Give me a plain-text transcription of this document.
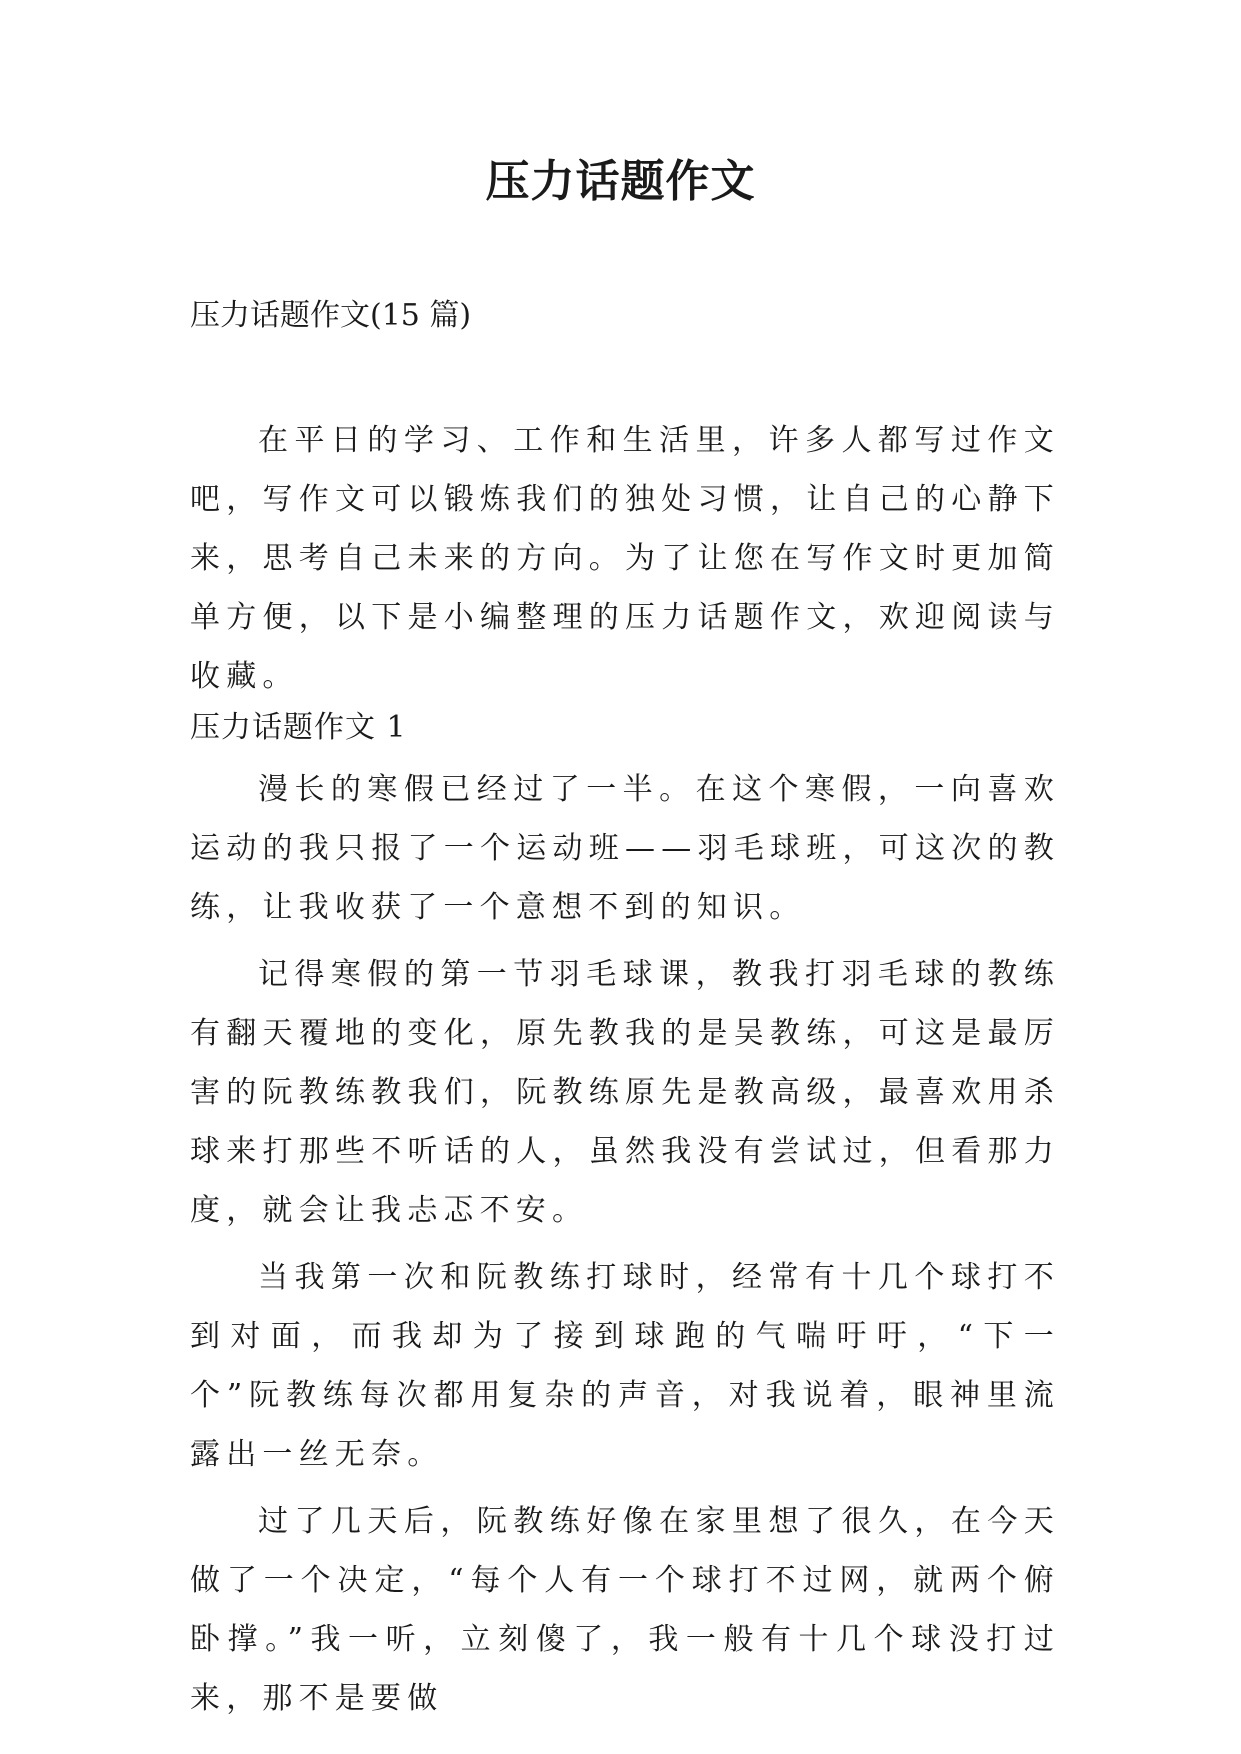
压力话题作文

压力话题作文(15 篇)

在平日的学习、工作和生活里，许多人都写过作文吧，写作文可以锻炼我们的独处习惯，让自己的心静下来，思考自己未来的方向。为了让您在写作文时更加简单方便，以下是小编整理的压力话题作文，欢迎阅读与收藏。

压力话题作文 1

漫长的寒假已经过了一半。在这个寒假，一向喜欢运动的我只报了一个运动班——羽毛球班，可这次的教练，让我收获了一个意想不到的知识。

记得寒假的第一节羽毛球课，教我打羽毛球的教练有翻天覆地的变化，原先教我的是吴教练，可这是最厉害的阮教练教我们，阮教练原先是教高级，最喜欢用杀球来打那些不听话的人，虽然我没有尝试过，但看那力度，就会让我忐忑不安。

当我第一次和阮教练打球时，经常有十几个球打不到对面，而我却为了接到球跑的气喘吁吁，“下一个”阮教练每次都用复杂的声音，对我说着，眼神里流露出一丝无奈。

过了几天后，阮教练好像在家里想了很久，在今天做了一个决定，“每个人有一个球打不过网，就两个俯卧撑。”我一听，立刻傻了，我一般有十几个球没打过来，那不是要做
